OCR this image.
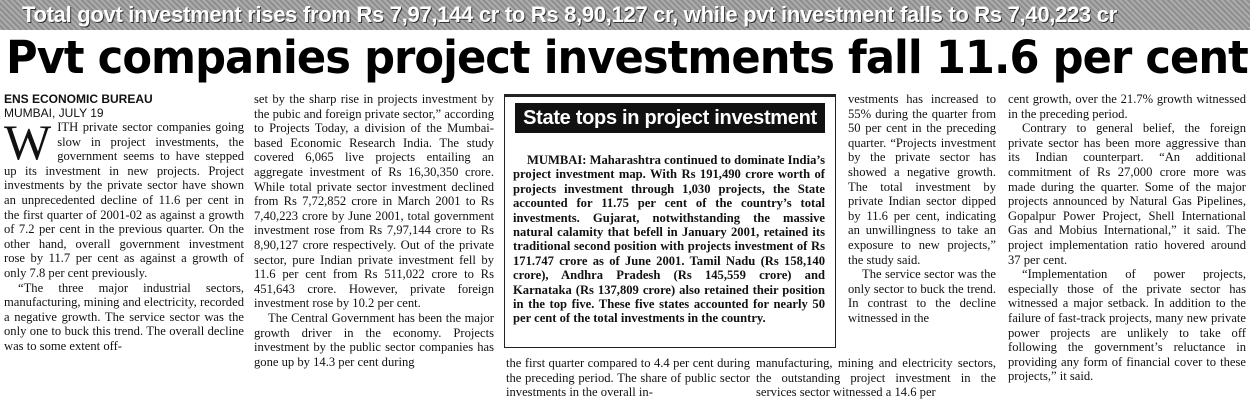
Total govt investment rises from Rs 7,97,144 cr to Rs 8,90,127 cr, while pvt investment falls to Rs 7,40,223 cr
Pvt companies project investments fall 11.6 per cent

ENS ECONOMIC BUREAU

MUMBAI, JULY 19

WITH private sector companies going slow in project investments, the government seems to have stepped up its investment in new projects. Project investments by the private sector have shown an unprecedented decline of 11.6 per cent in the first quarter of 2001-02 as against a growth of 7.2 per cent in the previous quarter. On the other hand, overall government investment rose by 11.7 per cent as against a growth of only 7.8 per cent previously.

“The three major industrial sectors, manufacturing, mining and electricity, recorded a negative growth. The service sector was the only one to buck this trend. The overall decline was to some extent off-

set by the sharp rise in projects investment by the pubic and foreign private sector,” according to Projects Today, a division of the Mumbai-based Economic Research India. The study covered 6,065 live projects entailing an aggregate investment of Rs 16,30,350 crore. While total private sector investment declined from Rs 7,72,852 crore in March 2001 to Rs 7,40,223 crore by June 2001, total government investment rose from Rs 7,97,144 crore to Rs 8,90,127 crore respectively. Out of the private sector, pure Indian private investment fell by 11.6 per cent from Rs 511,022 crore to Rs 451,643 crore. However, private foreign investment rose by 10.2 per cent.

The Central Government has been the major growth driver in the economy. Projects investment by the public sector companies has gone up by 14.3 per cent during

State tops in project investment

MUMBAI: Maharashtra continued to dominate India’s project investment map. With Rs 191,490 crore worth of projects investment through 1,030 projects, the State accounted for 11.75 per cent of the country’s total investments. Gujarat, notwithstanding the massive natural calamity that befell in January 2001, retained its traditional second position with projects investment of Rs 171.747 crore as of June 2001. Tamil Nadu (Rs 158,140 crore), Andhra Pradesh (Rs 145,559 crore) and Karnataka (Rs 137,809 crore) also retained their position in the top five. These five states accounted for nearly 50 per cent of the total investments in the country.

the first quarter compared to 4.4 per cent during the preceding period. The share of public sector investments in the overall in-

manufacturing, mining and electricity sectors, the outstanding project investment in the services sector witnessed a 14.6 per

vestments has increased to 55% during the quarter from 50 per cent in the preceding quarter. “Projects investment by the private sector has showed a negative growth. The total investment by private Indian sector dipped by 11.6 per cent, indicating an unwillingness to take an exposure to new projects,” the study said.

The service sector was the only sector to buck the trend. In contrast to the decline witnessed in the

cent growth, over the 21.7% growth witnessed in the preceding period.

Contrary to general belief, the foreign private sector has been more aggressive than its Indian counterpart. “An additional commitment of Rs 27,000 crore more was made during the quarter. Some of the major projects announced by Natural Gas Pipelines, Gopalpur Power Project, Shell International Gas and Mobius International,” it said. The project implementation ratio hovered around 37 per cent.

“Implementation of power projects, especially those of the private sector has witnessed a major setback. In addition to the failure of fast-track projects, many new private power projects are unlikely to take off following the government’s reluctance in providing any form of financial cover to these projects,” it said.
